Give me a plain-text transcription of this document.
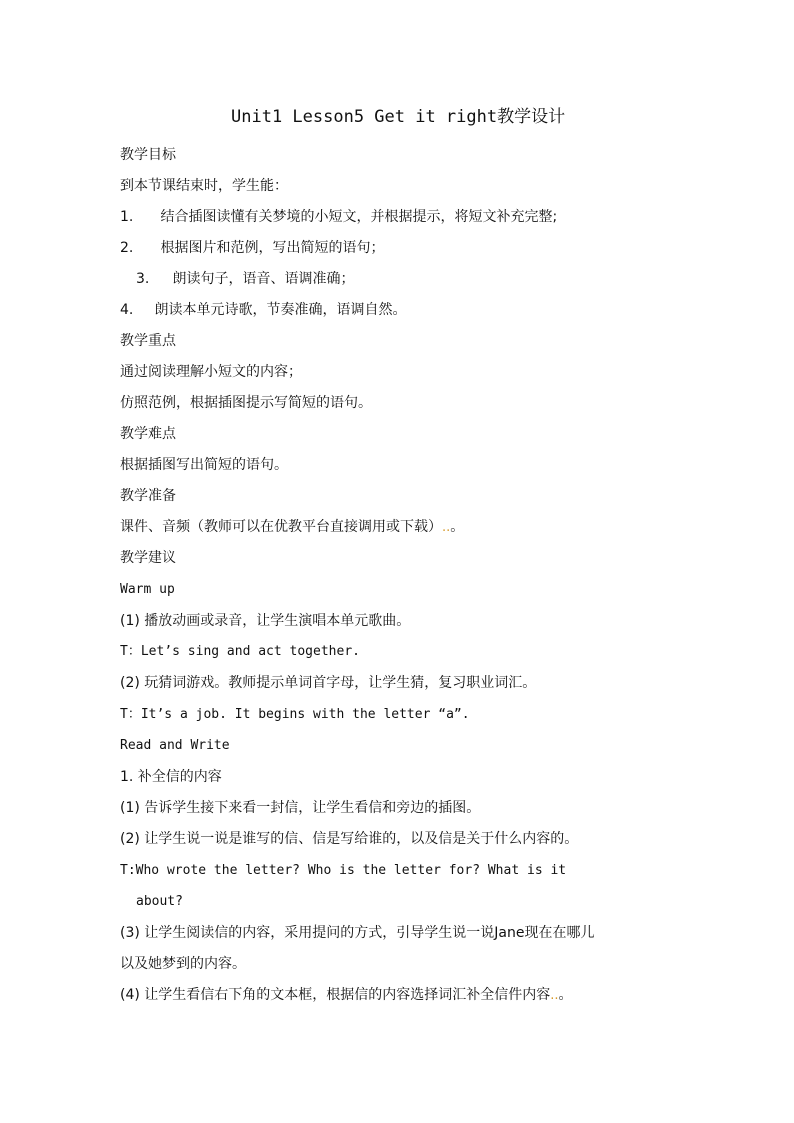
Unit1 Lesson5 Get it right教学设计
教学目标
到本节课结束时，学生能：
1. 结合插图读懂有关梦境的小短文，并根据提示，将短文补充完整;
2. 根据图片和范例，写出简短的语句；
3. 朗读句子，语音、语调准确；
4. 朗读本单元诗歌，节奏准确，语调自然。
教学重点
通过阅读理解小短文的内容；
仿照范例，根据插图提示写简短的语句。
教学难点
根据插图写出简短的语句。
教学准备
课件、音频（教师可以在优教平台直接调用或下载）..。
教学建议
Warm up
(1) 播放动画或录音，让学生演唱本单元歌曲。
T：Let’s sing and act together.
(2) 玩猜词游戏。教师提示单词首字母，让学生猜，复习职业词汇。
T：It’s a job. It begins with the letter “a”.
Read and Write
1. 补全信的内容
(1) 告诉学生接下来看一封信，让学生看信和旁边的插图。
(2) 让学生说一说是谁写的信、信是写给谁的，以及信是关于什么内容的。
T:Who wrote the letter? Who is the letter for? What is it
about?
(3) 让学生阅读信的内容，采用提问的方式，引导学生说一说Jane现在在哪儿
以及她梦到的内容。
(4) 让学生看信右下角的文本框，根据信的内容选择词汇补全信件内容..。
